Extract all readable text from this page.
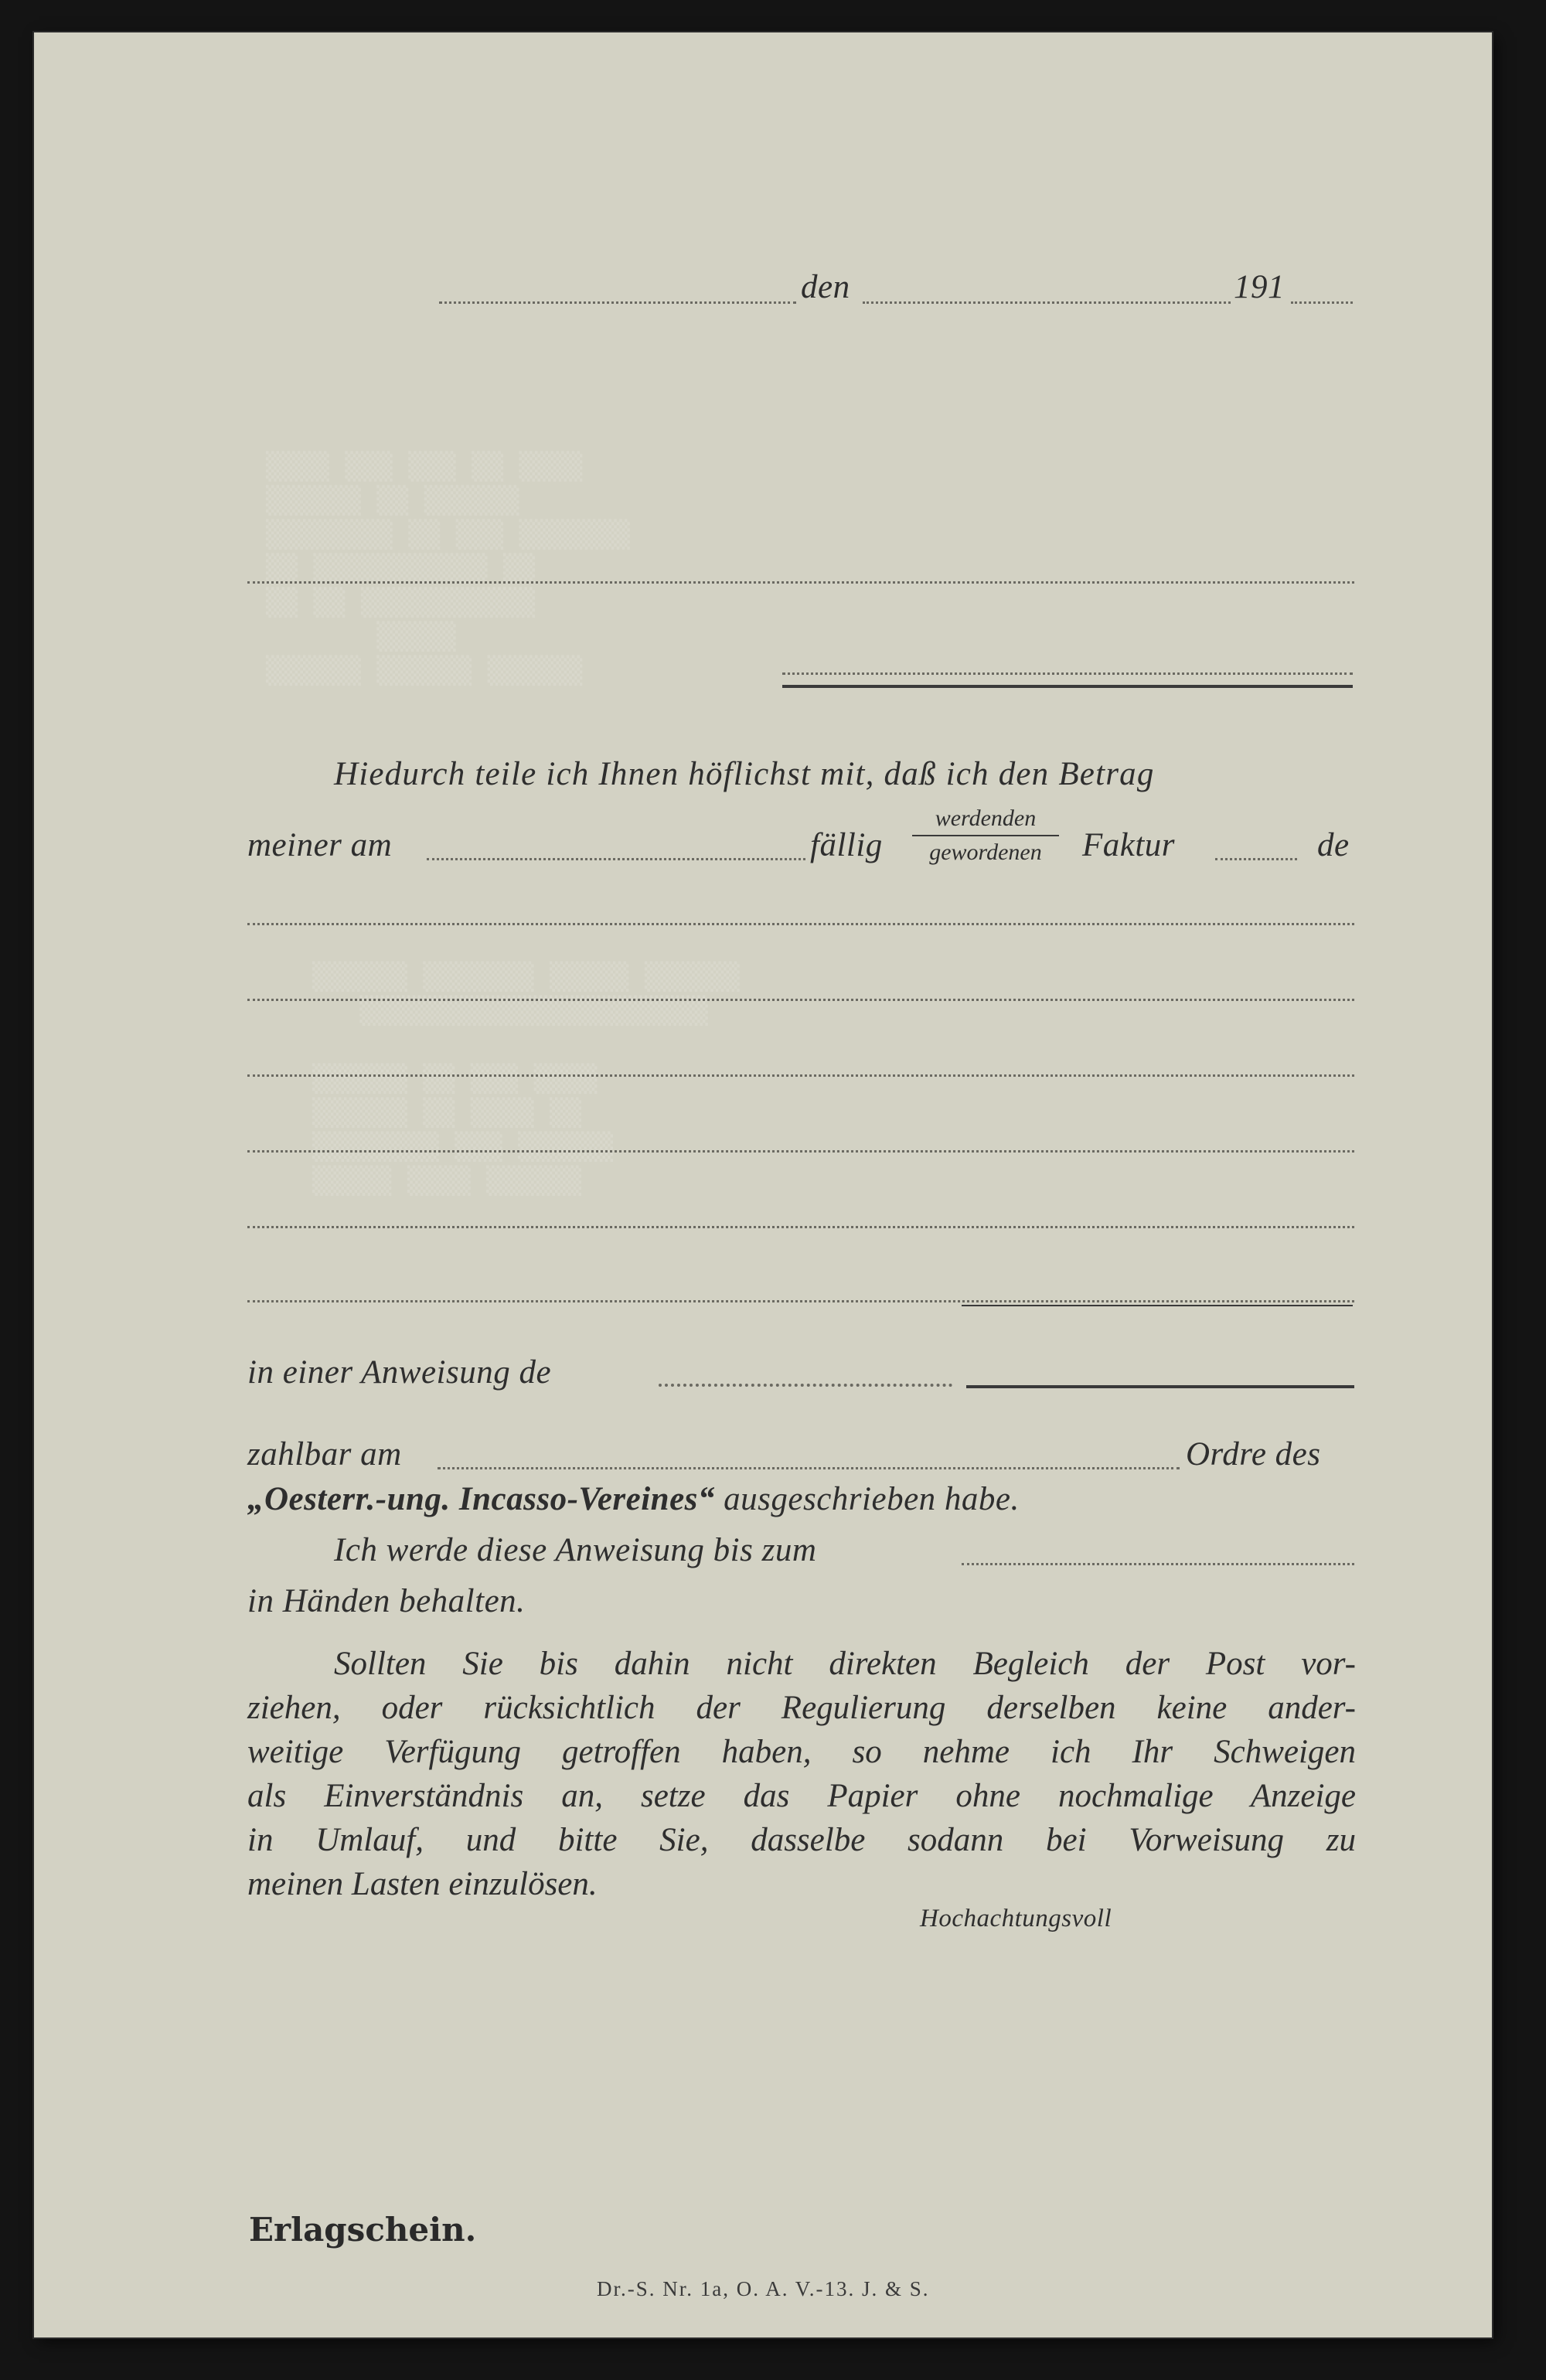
▒▒▒▒ ▒▒▒ ▒▒▒ ▒▒ ▒▒▒▒
▒▒▒▒▒▒ ▒▒ ▒▒▒▒▒▒
▒▒▒▒▒▒▒▒ ▒▒ ▒▒▒ ▒▒▒▒▒▒▒
▒▒ ▒▒▒▒▒▒▒▒▒▒▒ ▒▒
▒▒ ▒▒ ▒▒▒▒▒▒▒▒▒▒▒
▒▒▒▒▒
▒▒▒▒▒▒ ▒▒▒▒▒▒ ▒▒▒▒▒▒
▒▒▒▒▒▒ ▒▒▒▒▒▒▒ ▒▒▒▒▒ ▒▒▒▒▒▒
▒▒▒▒▒▒▒▒▒▒▒▒▒▒▒▒▒▒▒▒▒▒

▒▒▒▒▒▒ ▒▒ ▒▒▒ ▒▒▒▒
▒▒▒▒▒▒ ▒▒ ▒▒▒▒ ▒▒
▒▒▒▒▒▒▒▒ ▒▒▒ ▒▒▒▒▒▒
▒▒▒▒▒ ▒▒▒▒ ▒▒▒▒▒▒
den	191
Hiedurch teile ich Ihnen höflichst mit, daß ich den Betrag
meiner am	fällig
werdenden
gewordenen	Faktur	de
in einer Anweisung de
zahlbar am	Ordre des
„Oesterr.-ung. Incasso-Vereines“ ausgeschrieben habe.
Ich werde diese Anweisung bis zum
in Händen behalten.
Sollten Sie bis dahin nicht direkten Begleich der Post vor-
ziehen, oder rücksichtlich der Regulierung derselben keine ander-
weitige Verfügung getroffen haben, so nehme ich Ihr Schweigen
als Einverständnis an, setze das Papier ohne nochmalige Anzeige
in Umlauf, und bitte Sie, dasselbe sodann bei Vorweisung zu
meinen Lasten einzulösen.
Hochachtungsvoll
Erlagschein.
Dr.-S. Nr. 1a, O. A. V.-13. J. & S.
